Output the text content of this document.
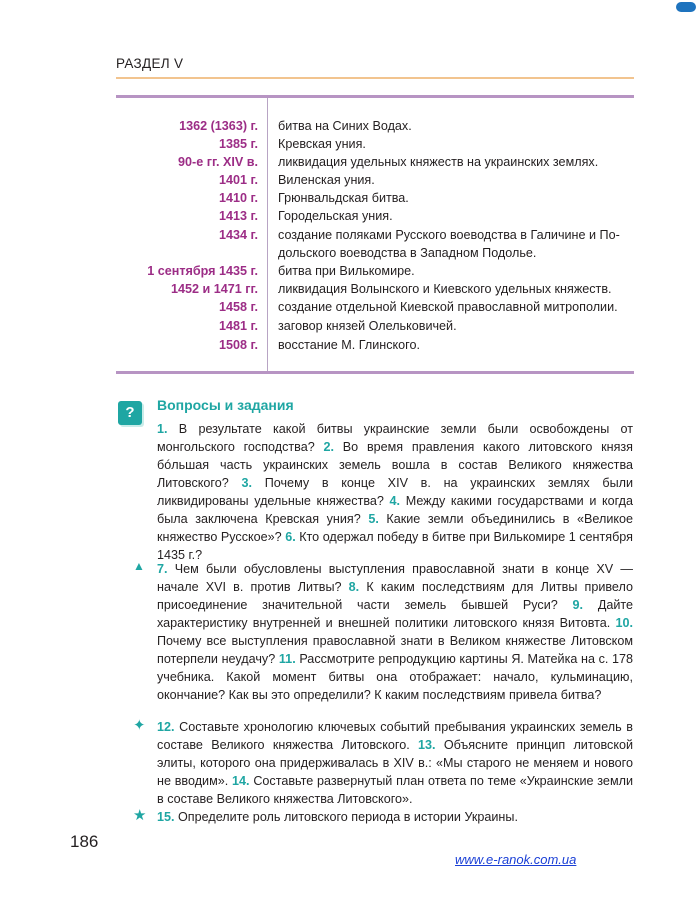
РАЗДЕЛ V
1362 (1363) г. битва на Синих Водах.
1385 г. Кревская уния.
90-е гг. XIV в. ликвидация удельных княжеств на украинских землях.
1401 г. Виленская уния.
1410 г. Грюнвальдская битва.
1413 г. Городельская уния.
1434 г. создание поляками Русского воеводства в Галичине и По-
дольского воеводства в Западном Подолье.
1 сентября 1435 г. битва при Вилькомире.
1452 и 1471 гг. ликвидация Волынского и Киевского удельных княжеств.
1458 г. создание отдельной Киевской православной митрополии.
1481 г. заговор князей Олельковичей.
1508 г. восстание М. Глинского.
?	Вопросы и задания
1. В результате какой битвы украинские земли были освобождены от монгольского господства? 2. Во время правления какого литовского князя бóльшая часть украинских земель вошла в состав Великого княжества Литовского? 3. Почему в конце XIV в. на украинских землях были ликвидированы удельные княжества? 4. Между какими государствами и когда была заключена Кревская уния? 5. Какие земли объединились в «Великое княжество Русское»? 6. Кто одержал победу в битве при Вилькомире 1 сентября 1435 г.?
▲ 7. Чем были обусловлены выступления православной знати в конце XV — начале XVI в. против Литвы? 8. К каким последствиям для Литвы привело присоединение значительной части земель бывшей Руси? 9. Дайте характеристику внутренней и внешней политики литовского князя Витовта. 10. Почему все выступления православной знати в Великом княжестве Литовском потерпели неудачу? 11. Рассмотрите репродукцию картины Я. Матейка на с. 178 учебника. Какой момент битвы она отображает: начало, кульминацию, окончание? Как вы это определили? К каким последствиям привела битва?
✦ 12. Составьте хронологию ключевых событий пребывания украинских земель в составе Великого княжества Литовского. 13. Объясните принцип литовской элиты, которого она придерживалась в XIV в.: «Мы старого не меняем и нового не вводим». 14. Составьте развернутый план ответа по теме «Украинские земли в составе Великого княжества Литовского».
★ 15. Определите роль литовского периода в истории Украины.
186
www.e-ranok.com.ua
